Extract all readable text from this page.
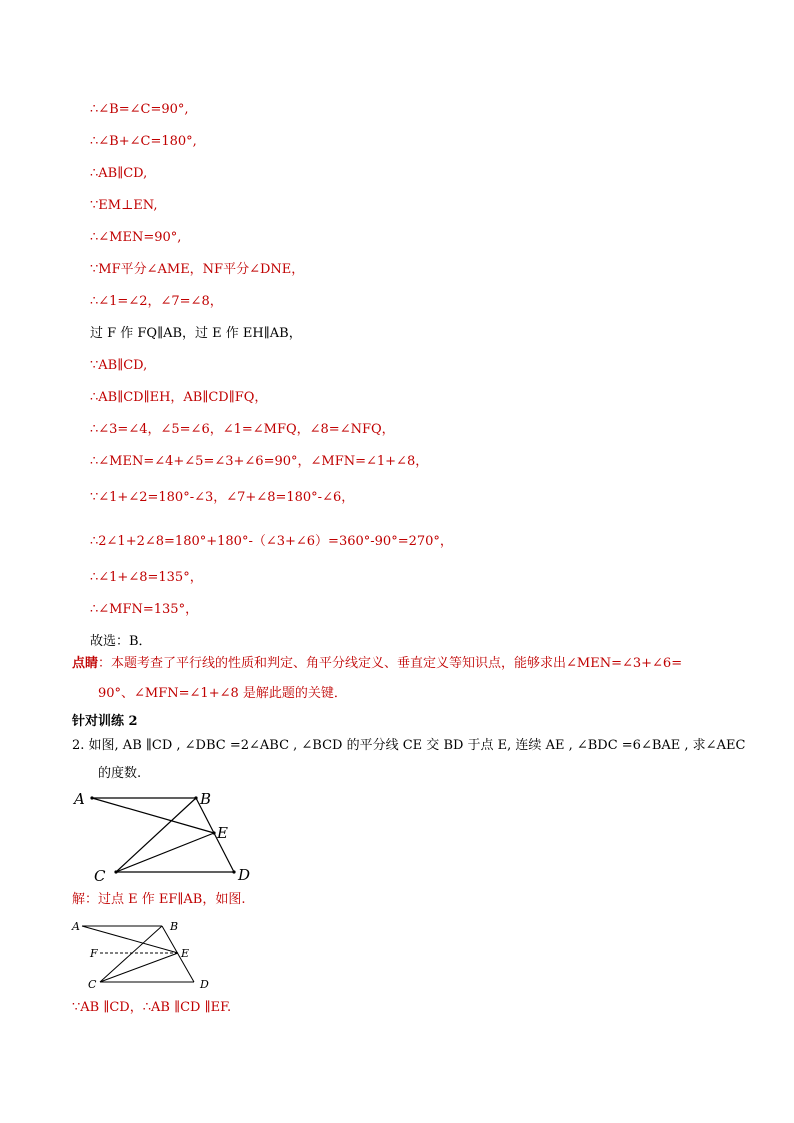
∴∠B=∠C=90°,
∴∠B+∠C=180°,
∴AB∥CD,
∵EM⊥EN,
∴∠MEN=90°,
∵MF平分∠AME，NF平分∠DNE，
∴∠1=∠2，∠7=∠8，
过 F 作 FQ∥AB，过 E 作 EH∥AB，
∵AB∥CD,
∴AB∥CD∥EH，AB∥CD∥FQ，
∴∠3=∠4，∠5=∠6，∠1=∠MFQ，∠8=∠NFQ，
∴∠MEN=∠4+∠5=∠3+∠6=90°，∠MFN=∠1+∠8，
∵∠1+∠2=180°-∠3，∠7+∠8=180°-∠6，
∴2∠1+2∠8=180°+180°-（∠3+∠6）=360°-90°=270°，
∴∠1+∠8=135°，
∴∠MFN=135°，
故选：B．
点睛：本题考查了平行线的性质和判定、角平分线定义、垂直定义等知识点，能够求出∠MEN=∠3+∠6=
90°、∠MFN=∠1+∠8 是解此题的关键．
针对训练 2
2. 如图, AB ∥CD , ∠DBC =2∠ABC , ∠BCD 的平分线 CE 交 BD 于点 E, 连续 AE , ∠BDC =6∠BAE , 求∠AEC
的度数.
A	B
E
C	D
解：过点 E 作 EF∥AB，如图.
A	B
F	E
C	D
∵AB ∥CD，∴AB ∥CD ∥EF.
